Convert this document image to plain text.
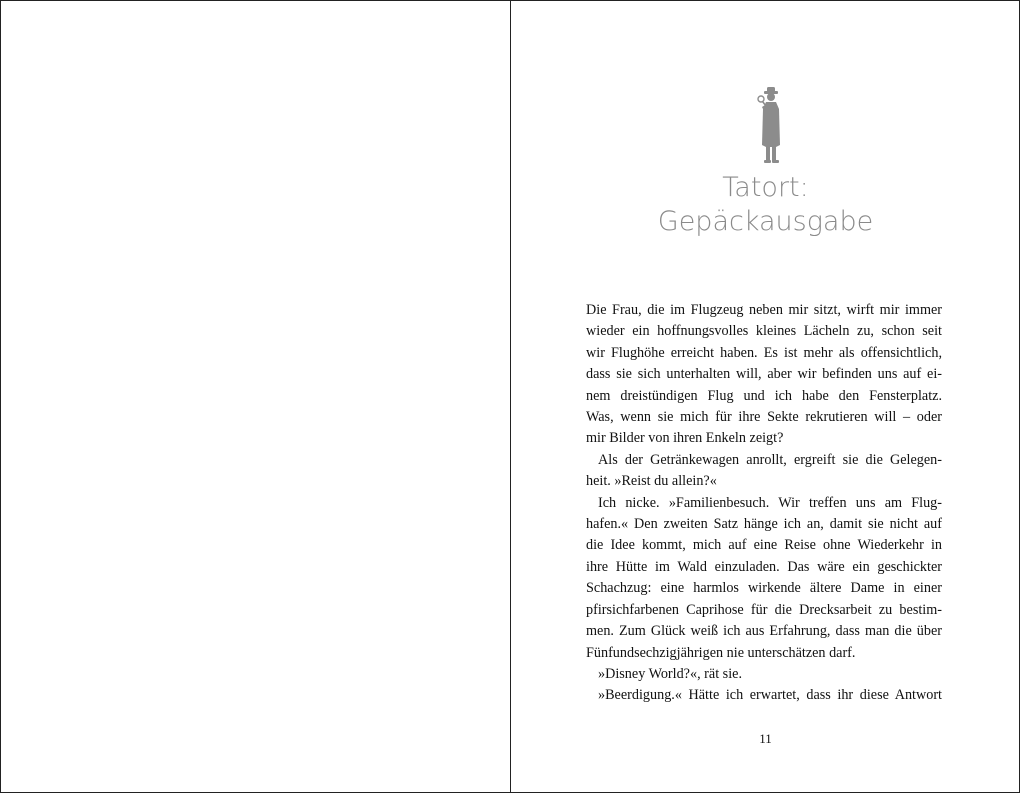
Tatort:
Gepäckausgabe
Die Frau, die im Flugzeug neben mir sitzt, wirft mir immer
wieder ein hoffnungsvolles kleines Lächeln zu, schon seit
wir Flughöhe erreicht haben. Es ist mehr als offensichtlich,
dass sie sich unterhalten will, aber wir befinden uns auf ei-
nem dreistündigen Flug und ich habe den Fensterplatz.
Was, wenn sie mich für ihre Sekte rekrutieren will – oder
mir Bilder von ihren Enkeln zeigt?
Als der Getränkewagen anrollt, ergreift sie die Gelegen-
heit. »Reist du allein?«
Ich nicke. »Familienbesuch. Wir treffen uns am Flug-
hafen.« Den zweiten Satz hänge ich an, damit sie nicht auf
die Idee kommt, mich auf eine Reise ohne Wiederkehr in
ihre Hütte im Wald einzuladen. Das wäre ein geschickter
Schachzug: eine harmlos wirkende ältere Dame in einer
pfirsichfarbenen Caprihose für die Drecksarbeit zu bestim-
men. Zum Glück weiß ich aus Erfahrung, dass man die über
Fünfundsechzigjährigen nie unterschätzen darf.
»Disney World?«, rät sie.
»Beerdigung.« Hätte ich erwartet, dass ihr diese Antwort
11
